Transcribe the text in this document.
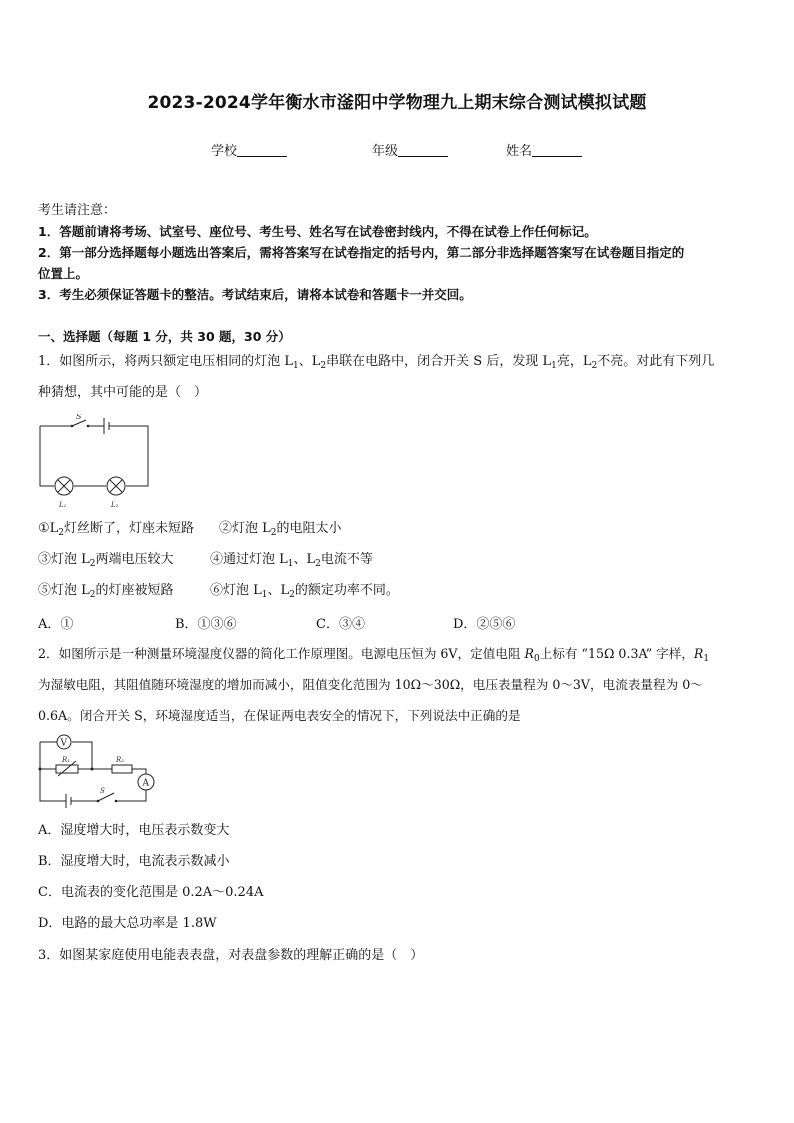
2023-2024学年衡水市滏阳中学物理九上期末综合测试模拟试题
学校	年级	姓名
考生请注意：
1．答题前请将考场、试室号、座位号、考生号、姓名写在试卷密封线内，不得在试卷上作任何标记。
2．第一部分选择题每小题选出答案后，需将答案写在试卷指定的括号内，第二部分非选择题答案写在试卷题目指定的
位置上。
3．考生必须保证答题卡的整洁。考试结束后，请将本试卷和答题卡一并交回。
一、选择题（每题 1 分，共 30 题，30 分）
1．如图所示，将两只额定电压相同的灯泡 $L_1$、$L_2$串联在电路中，闭合开关 S 后，发现 $L_1$亮，$L_2$不亮。对此有下列几
种猜想，其中可能的是（　）
S
L₁	L₂
$①L_2$灯丝断了，灯座未短路 ②灯泡 $L_2$的电阻太小
③灯泡 $L_2$两端电压较大	④通过灯泡 $L_1$、$L_2$电流不等
⑤灯泡 $L_2$的灯座被短路	⑥灯泡 $L_1$、$L_2$的额定功率不同。
A．①	B．①③⑥	C．③④	D．②⑤⑥
2．如图所示是一种测量环境湿度仪器的简化工作原理图。电源电压恒为 6V，定值电阻 $R_0$上标有 “15Ω 0.3A” 字样，$R_1$
为湿敏电阻，其阻值随环境湿度的增加而减小，阻值变化范围为 10Ω～30Ω，电压表量程为 0～3V，电流表量程为 0～
0.6A。闭合开关 S，环境湿度适当，在保证两电表安全的情况下，下列说法中正确的是
V
A
R₁	R₂
S
A．湿度增大时，电压表示数变大
B．湿度增大时，电流表示数减小
C．电流表的变化范围是 0.2A～0.24A
D．电路的最大总功率是 1.8W
3．如图某家庭使用电能表表盘，对表盘参数的理解正确的是（　）
